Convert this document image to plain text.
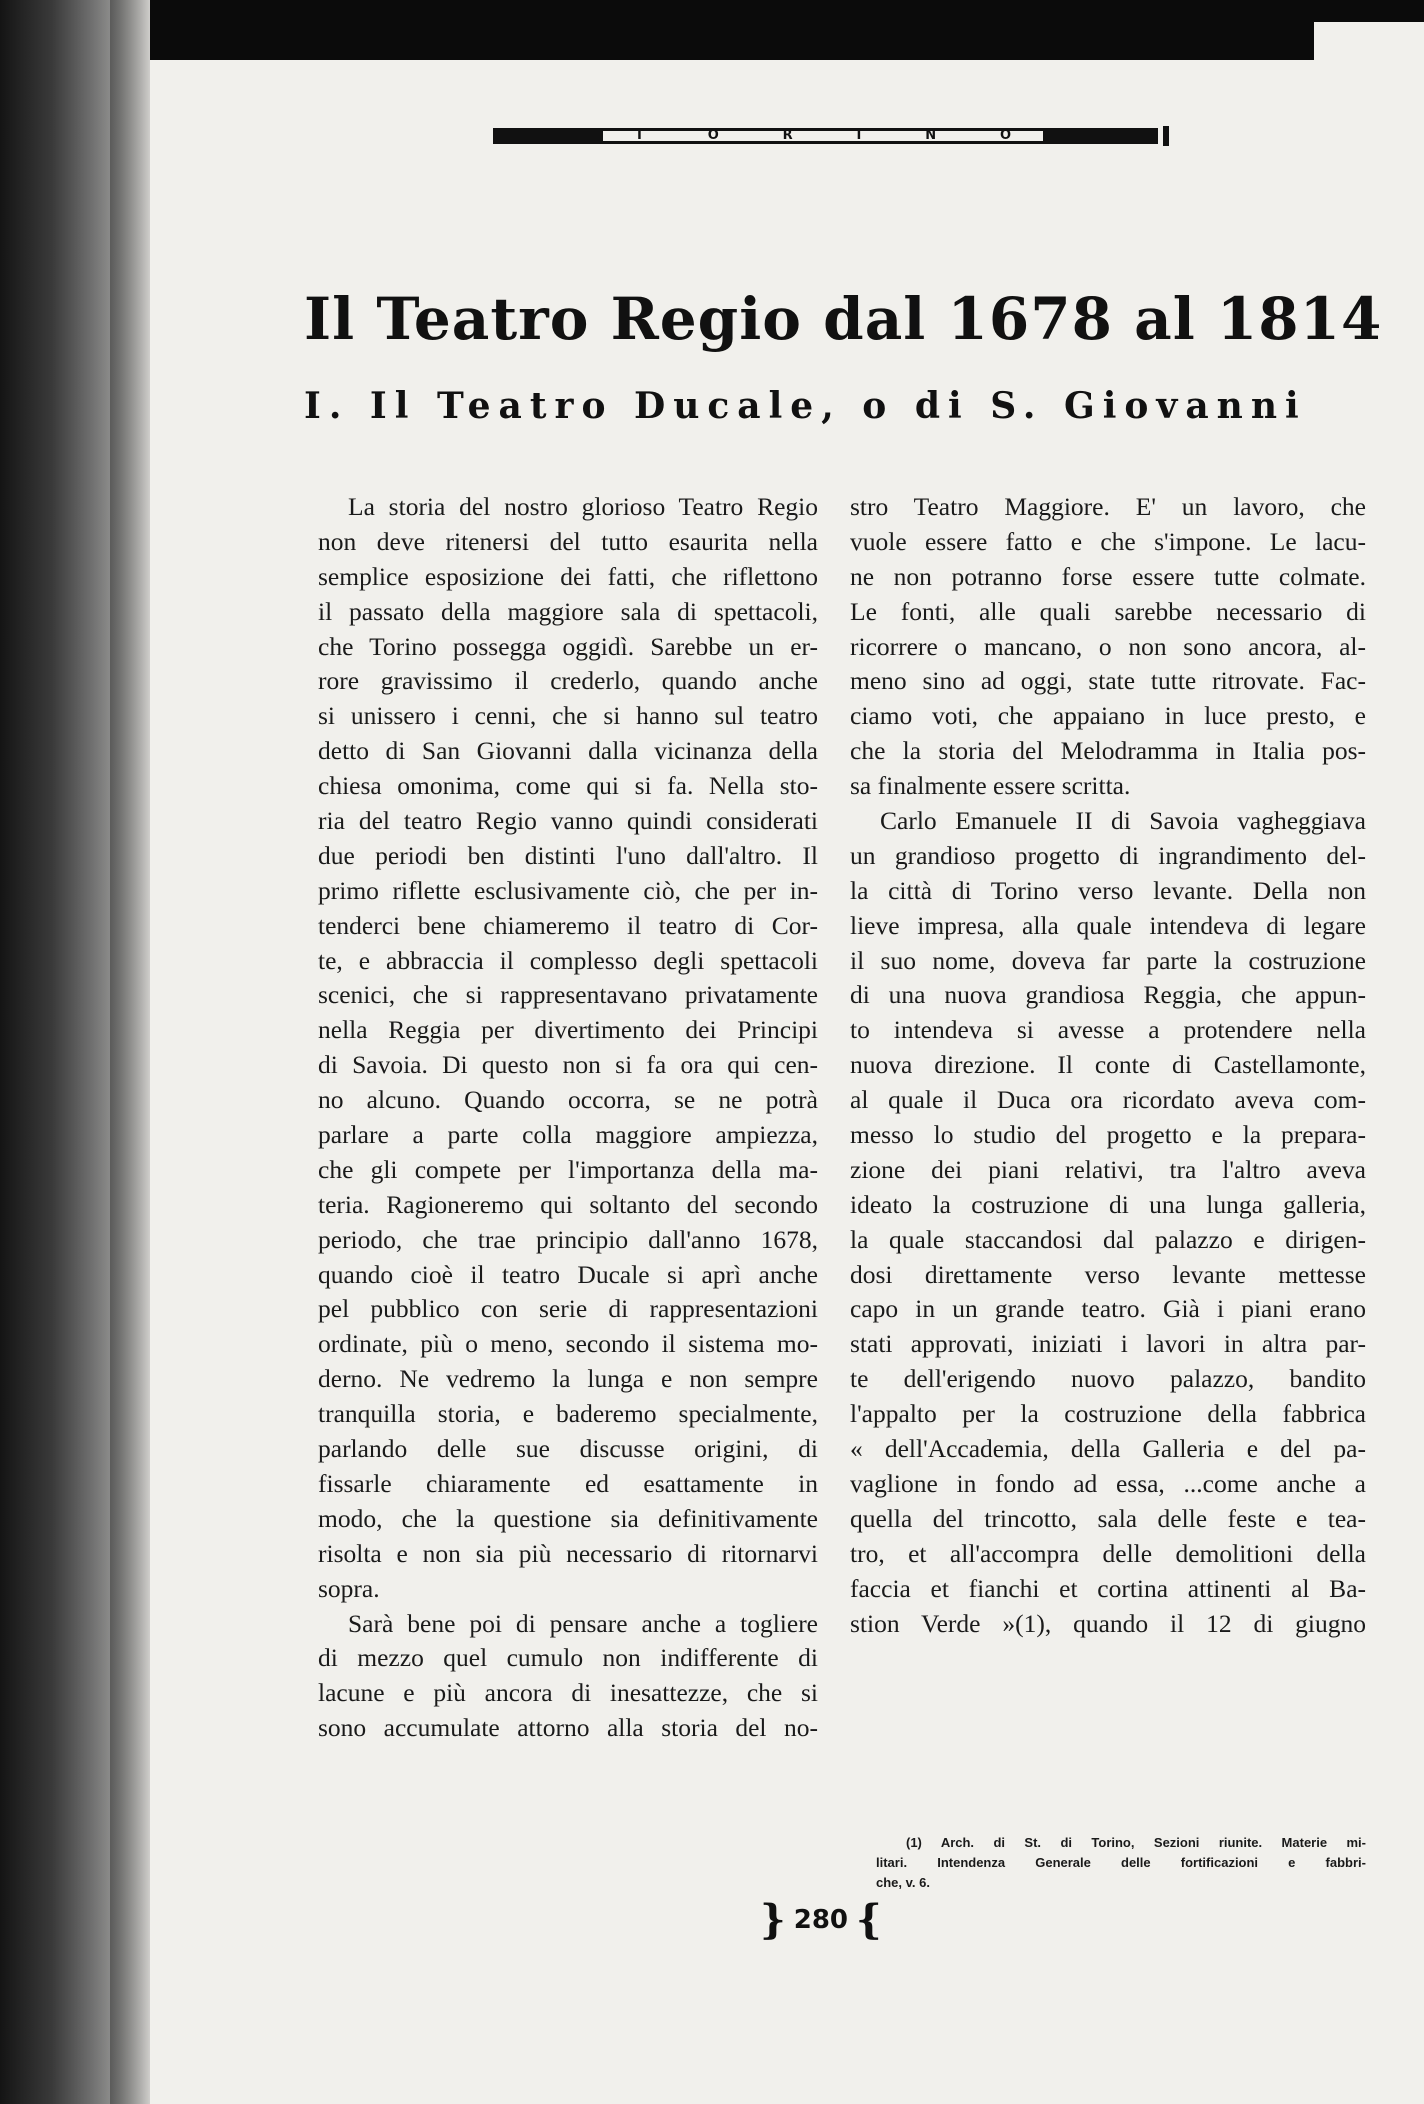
T	O	R	I	N	O
Il Teatro Regio dal 1678 al 1814
I. Il Teatro Ducale, o di S. Giovanni
La storia del nostro glorioso Teatro Regio
non deve ritenersi del tutto esaurita nella
semplice esposizione dei fatti, che riflettono
il passato della maggiore sala di spettacoli,
che Torino possegga oggidì. Sarebbe un er-
rore gravissimo il crederlo, quando anche
si unissero i cenni, che si hanno sul teatro
detto di San Giovanni dalla vicinanza della
chiesa omonima, come qui si fa. Nella sto-
ria del teatro Regio vanno quindi considerati
due periodi ben distinti l'uno dall'altro. Il
primo riflette esclusivamente ciò, che per in-
tenderci bene chiameremo il teatro di Cor-
te, e abbraccia il complesso degli spettacoli
scenici, che si rappresentavano privatamente
nella Reggia per divertimento dei Principi
di Savoia. Di questo non si fa ora qui cen-
no alcuno. Quando occorra, se ne potrà
parlare a parte colla maggiore ampiezza,
che gli compete per l'importanza della ma-
teria. Ragioneremo qui soltanto del secondo
periodo, che trae principio dall'anno 1678,
quando cioè il teatro Ducale si aprì anche
pel pubblico con serie di rappresentazioni
ordinate, più o meno, secondo il sistema mo-
derno. Ne vedremo la lunga e non sempre
tranquilla storia, e baderemo specialmente,
parlando delle sue discusse origini, di
fissarle chiaramente ed esattamente in
modo, che la questione sia definitivamente
risolta e non sia più necessario di ritornarvi
sopra.
Sarà bene poi di pensare anche a togliere
di mezzo quel cumulo non indifferente di
lacune e più ancora di inesattezze, che si
sono accumulate attorno alla storia del no-
stro Teatro Maggiore. E' un lavoro, che
vuole essere fatto e che s'impone. Le lacu-
ne non potranno forse essere tutte colmate.
Le fonti, alle quali sarebbe necessario di
ricorrere o mancano, o non sono ancora, al-
meno sino ad oggi, state tutte ritrovate. Fac-
ciamo voti, che appaiano in luce presto, e
che la storia del Melodramma in Italia pos-
sa finalmente essere scritta.
Carlo Emanuele II di Savoia vagheggiava
un grandioso progetto di ingrandimento del-
la città di Torino verso levante. Della non
lieve impresa, alla quale intendeva di legare
il suo nome, doveva far parte la costruzione
di una nuova grandiosa Reggia, che appun-
to intendeva si avesse a protendere nella
nuova direzione. Il conte di Castellamonte,
al quale il Duca ora ricordato aveva com-
messo lo studio del progetto e la prepara-
zione dei piani relativi, tra l'altro aveva
ideato la costruzione di una lunga galleria,
la quale staccandosi dal palazzo e dirigen-
dosi direttamente verso levante mettesse
capo in un grande teatro. Già i piani erano
stati approvati, iniziati i lavori in altra par-
te dell'erigendo nuovo palazzo, bandito
l'appalto per la costruzione della fabbrica
« dell'Accademia, della Galleria e del pa-
vaglione in fondo ad essa, ...come anche a
quella del trincotto, sala delle feste e tea-
tro, et all'accompra delle demolitioni della
faccia et fianchi et cortina attinenti al Ba-
stion Verde »(1), quando il 12 di giugno
(1) Arch. di St. di Torino, Sezioni riunite. Materie mi-
litari. Intendenza Generale delle fortificazioni e fabbri-
che, v. 6.
} 280 {
